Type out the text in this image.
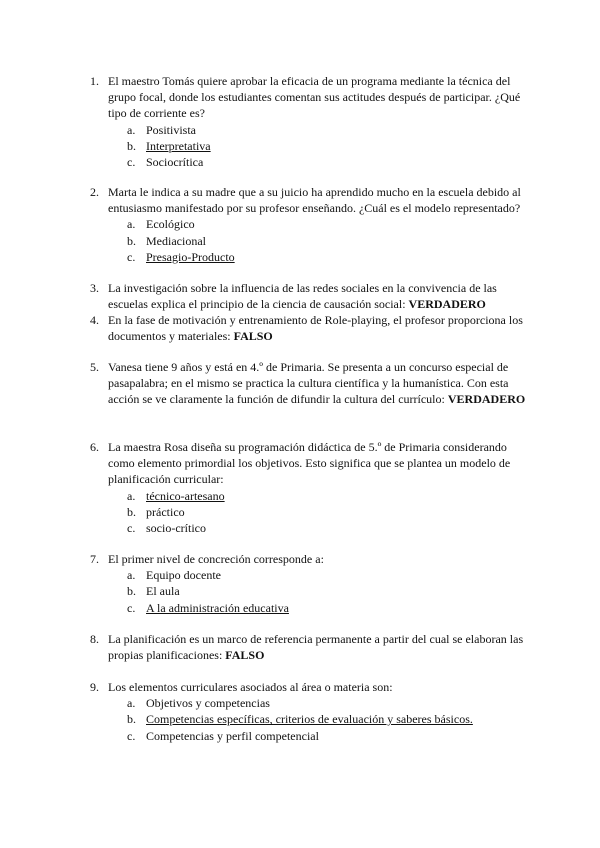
1. El maestro Tomás quiere aprobar la eficacia de un programa mediante la técnica del grupo focal, donde los estudiantes comentan sus actitudes después de participar. ¿Qué tipo de corriente es?
a. Positivista
b. Interpretativa
c. Sociocrítica
2. Marta le indica a su madre que a su juicio ha aprendido mucho en la escuela debido al entusiasmo manifestado por su profesor enseñando. ¿Cuál es el modelo representado?
a. Ecológico
b. Mediacional
c. Presagio-Producto
3. La investigación sobre la influencia de las redes sociales en la convivencia de las escuelas explica el principio de la ciencia de causación social: VERDADERO
4. En la fase de motivación y entrenamiento de Role-playing, el profesor proporciona los documentos y materiales: FALSO
5. Vanesa tiene 9 años y está en 4.º de Primaria. Se presenta a un concurso especial de pasapalabra; en el mismo se practica la cultura científica y la humanística. Con esta acción se ve claramente la función de difundir la cultura del currículo: VERDADERO
6. La maestra Rosa diseña su programación didáctica de 5.º de Primaria considerando como elemento primordial los objetivos. Esto significa que se plantea un modelo de planificación curricular:
a. técnico-artesano
b. práctico
c. socio-crítico
7. El primer nivel de concreción corresponde a:
a. Equipo docente
b. El aula
c. A la administración educativa
8. La planificación es un marco de referencia permanente a partir del cual se elaboran las propias planificaciones: FALSO
9. Los elementos curriculares asociados al área o materia son:
a. Objetivos y competencias
b. Competencias específicas, criterios de evaluación y saberes básicos.
c. Competencias y perfil competencial
